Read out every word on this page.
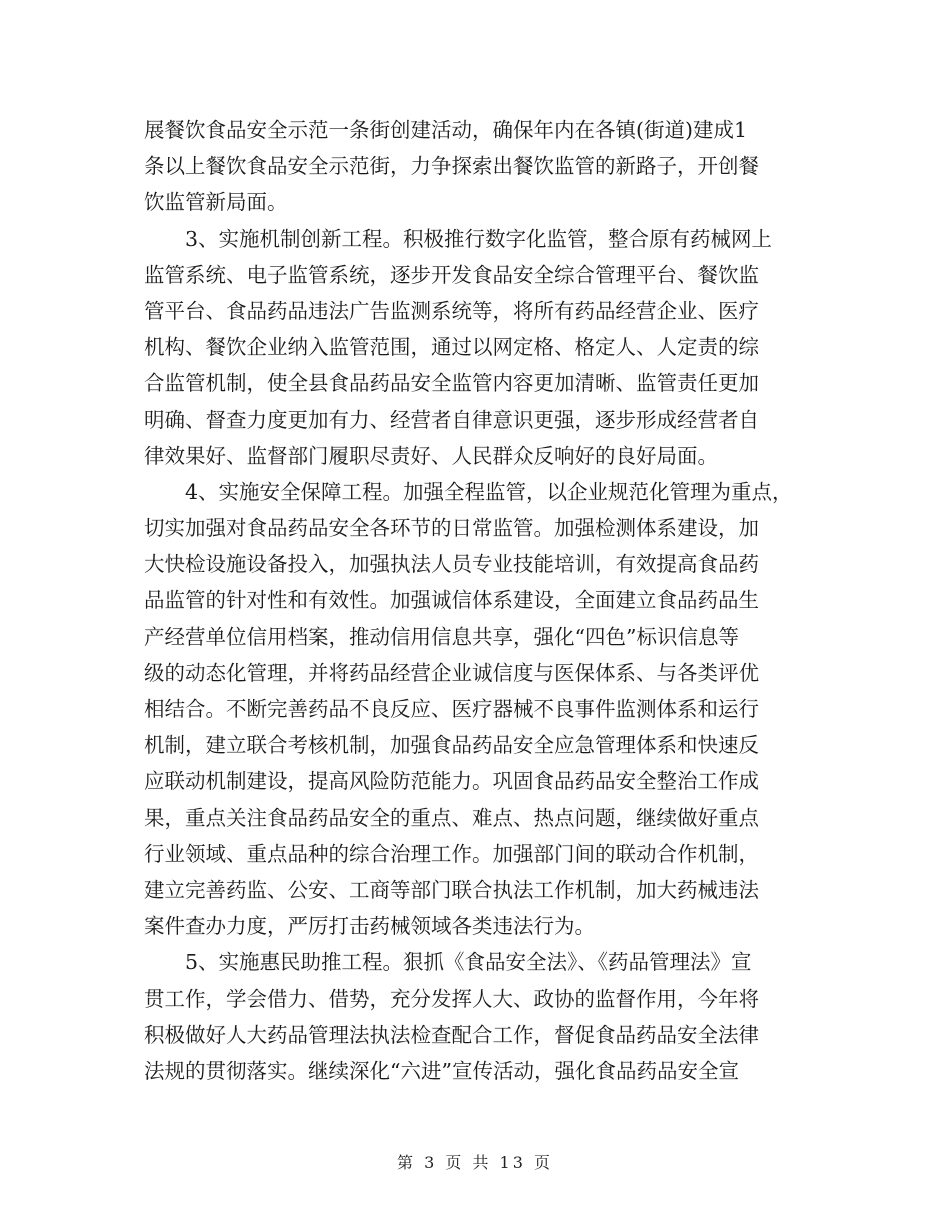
展餐饮食品安全示范一条街创建活动，确保年内在各镇(街道)建成1
条以上餐饮食品安全示范街，力争探索出餐饮监管的新路子，开创餐
饮监管新局面。
3、实施机制创新工程。积极推行数字化监管，整合原有药械网上
监管系统、电子监管系统，逐步开发食品安全综合管理平台、餐饮监
管平台、食品药品违法广告监测系统等，将所有药品经营企业、医疗
机构、餐饮企业纳入监管范围，通过以网定格、格定人、人定责的综
合监管机制，使全县食品药品安全监管内容更加清晰、监管责任更加
明确、督查力度更加有力、经营者自律意识更强，逐步形成经营者自
律效果好、监督部门履职尽责好、人民群众反响好的良好局面。
4、实施安全保障工程。加强全程监管，以企业规范化管理为重点，
切实加强对食品药品安全各环节的日常监管。加强检测体系建设，加
大快检设施设备投入，加强执法人员专业技能培训，有效提高食品药
品监管的针对性和有效性。加强诚信体系建设，全面建立食品药品生
产经营单位信用档案，推动信用信息共享，强化“四色”标识信息等
级的动态化管理，并将药品经营企业诚信度与医保体系、与各类评优
相结合。不断完善药品不良反应、医疗器械不良事件监测体系和运行
机制，建立联合考核机制，加强食品药品安全应急管理体系和快速反
应联动机制建设，提高风险防范能力。巩固食品药品安全整治工作成
果，重点关注食品药品安全的重点、难点、热点问题，继续做好重点
行业领域、重点品种的综合治理工作。加强部门间的联动合作机制，
建立完善药监、公安、工商等部门联合执法工作机制，加大药械违法
案件查办力度，严厉打击药械领域各类违法行为。
5、实施惠民助推工程。狠抓《食品安全法》、《药品管理法》宣
贯工作，学会借力、借势，充分发挥人大、政协的监督作用，今年将
积极做好人大药品管理法执法检查配合工作，督促食品药品安全法律
法规的贯彻落实。继续深化“六进”宣传活动，强化食品药品安全宣
第 3 页 共 13 页
